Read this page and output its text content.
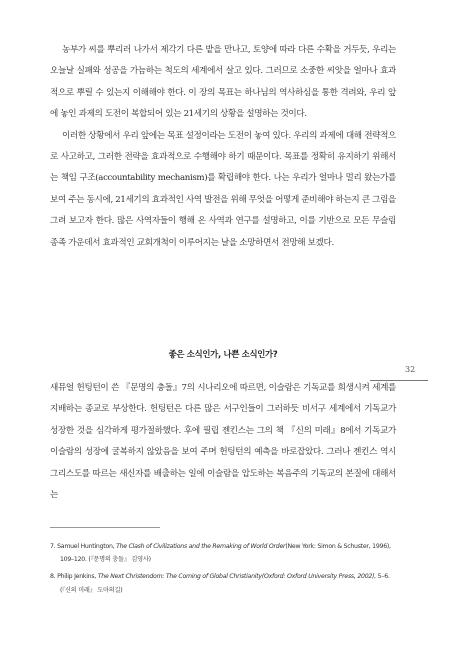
농부가 씨를 뿌리러 나가서 제각기 다른 밭을 만나고, 토양에 따라 다른 수확을 거두듯, 우리는 오늘날 실패와 성공을 가늠하는 척도의 세계에서 살고 있다. 그러므로 소중한 씨앗을 얼마나 효과적으로 뿌릴 수 있는지 이해해야 한다. 이 장의 목표는 하나님의 역사하심을 통한 격려와, 우리 앞에 놓인 과제의 도전이 복합되어 있는 21세기의 상황을 설명하는 것이다.

이러한 상황에서 우리 앞에는 목표 설정이라는 도전이 놓여 있다. 우리의 과제에 대해 전략적으로 사고하고, 그러한 전략을 효과적으로 수행해야 하기 때문이다. 목표를 정확히 유지하기 위해서는 책임 구조(accountability mechanism)를 확립해야 한다. 나는 우리가 얼마나 멀리 왔는가를 보여 주는 동시에, 21세기의 효과적인 사역 발전을 위해 무엇을 어떻게 준비해야 하는지 큰 그림을 그려 보고자 한다. 많은 사역자들이 행해 온 사역과 연구를 설명하고, 이를 기반으로 모든 무슬림 종족 가운데서 효과적인 교회개척이 이루어지는 날을 소망하면서 전망해 보겠다.

좋은 소식인가, 나쁜 소식인가?
32

새뮤얼 헌팅턴이 쓴 『문명의 충돌』7의 시나리오에 따르면, 이슬람은 기독교를 희생시켜 세계를 지배하는 종교로 부상한다. 헌팅턴은 다른 많은 서구인들이 그러하듯 비서구 세계에서 기독교가 성장한 것을 심각하게 평가절하했다. 후에 필립 젠킨스는 그의 책 『신의 미래』8에서 기독교가 이슬람의 성장에 굴복하지 않았음을 보여 주며 헌팅턴의 예측을 바로잡았다. 그러나 젠킨스 역시 그리스도를 따르는 새신자를 배출하는 일에 이슬람을 압도하는 복음주의 기독교의 본질에 대해서는

7. Samuel Huntington, The Clash of Civilizations and the Remaking of World Order(New York: Simon & Schuster, 1996), 109–120. (『문명의 충돌』 김영사)

8. Philip Jenkins, The Next Christendom: The Coming of Global Christianity(Oxford: Oxford University Press, 2002), 5–6. (『신의 미래』 도마의길)
